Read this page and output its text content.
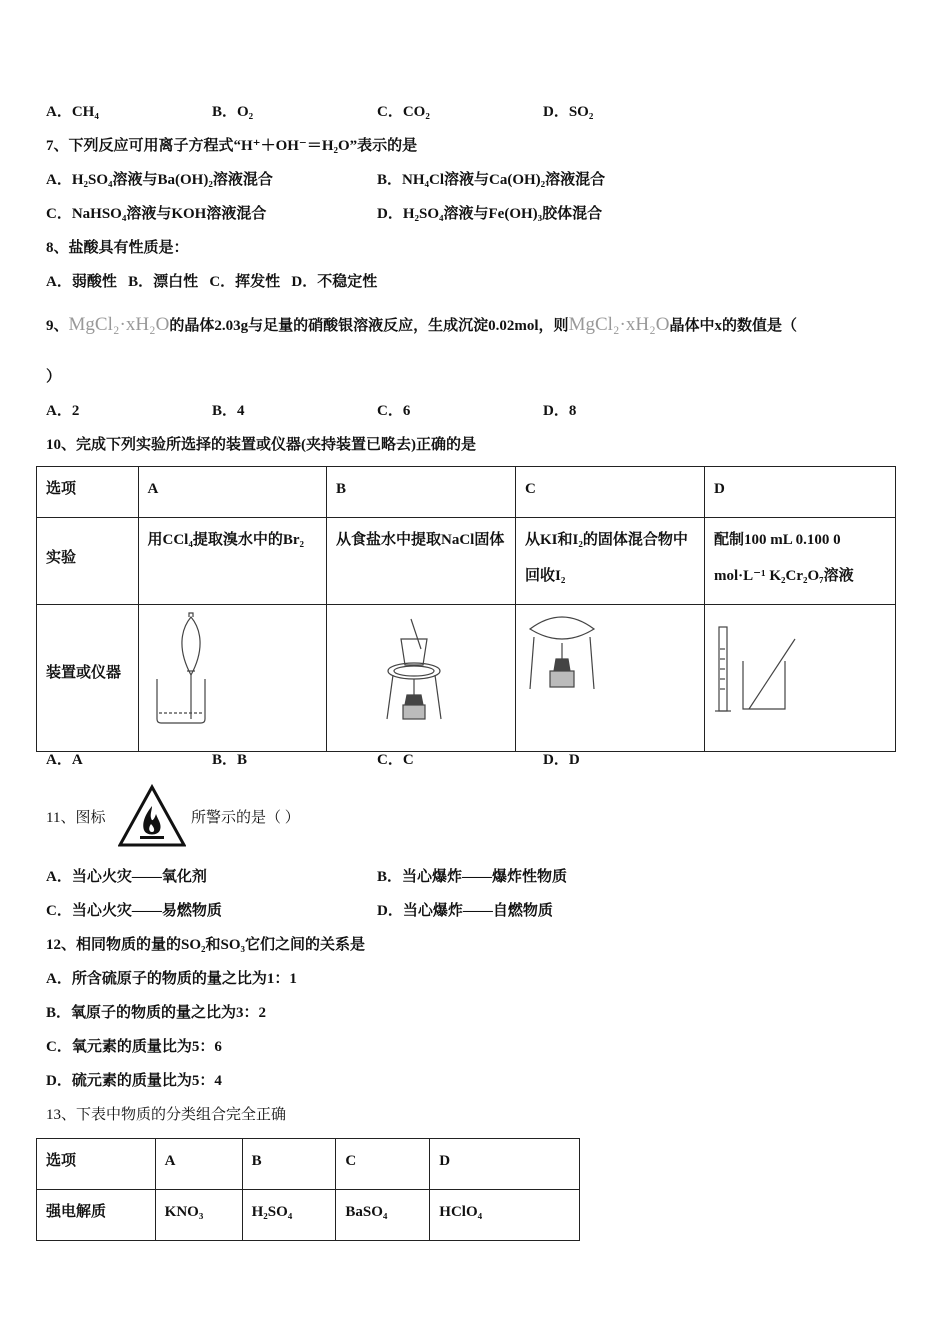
A．CH₄	B．O₂	C．CO₂	D．SO₂
7、下列反应可用离子方程式“H⁺＋OH⁻＝H₂O”表示的是
A．H₂SO₄溶液与Ba(OH)₂溶液混合	B．NH₄Cl溶液与Ca(OH)₂溶液混合
C．NaHSO₄溶液与KOH溶液混合	D．H₂SO₄溶液与Fe(OH)₃胶体混合
8、盐酸具有性质是：
A．弱酸性   B．漂白性   C．挥发性   D．不稳定性
9、MgCl₂·xH₂O的晶体2.03g与足量的硝酸银溶液反应，生成沉淀0.02mol，则MgCl₂·xH₂O晶体中x的数值是（
）
A．2	B．4	C．6	D．8
10、完成下列实验所选择的装置或仪器(夹持装置已略去)正确的是
选项	A	B	C	D
实验	用CCl₄提取溴水中的Br₂	从食盐水中提取NaCl固体	从KI和I₂的固体混合物中回收I₂	配制100 mL 0.100 0 mol·L⁻¹ K₂Cr₂O₇溶液
装置或仪器	

A．A	B．B	C．C	D．D
11、图标	所警示的是（ ）
A．当心火灾——氧化剂	B．当心爆炸——爆炸性物质
C．当心火灾——易燃物质	D．当心爆炸——自燃物质
12、相同物质的量的SO₂和SO₃它们之间的关系是
A．所含硫原子的物质的量之比为1：1
B．氧原子的物质的量之比为3：2
C．氧元素的质量比为5：6
D．硫元素的质量比为5：4
13、下表中物质的分类组合完全正确
选项	A	B	C	D
强电解质	KNO₃	H₂SO₄	BaSO₄	HClO₄
